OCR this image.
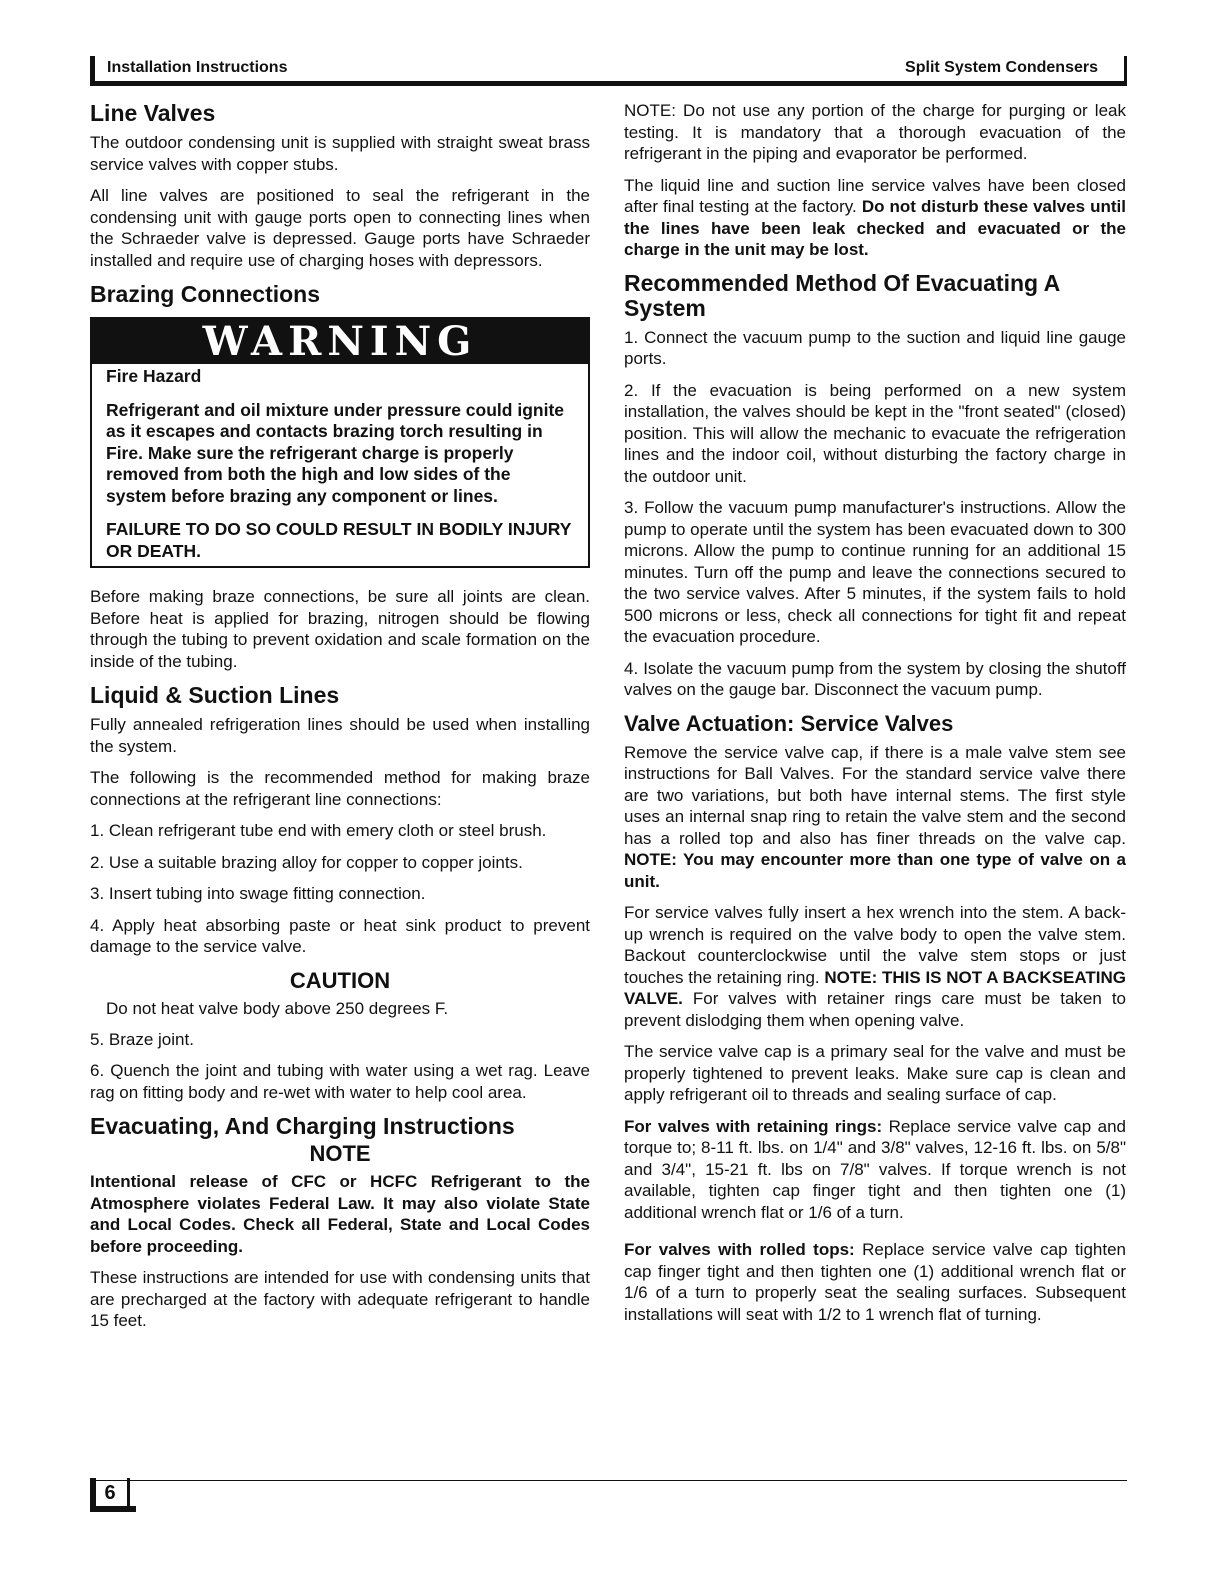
Installation Instructions	Split System Condensers
Line Valves

The outdoor condensing unit is supplied with straight sweat brass service valves with copper stubs.

All line valves are positioned to seal the refrigerant in the condensing unit with gauge ports open to connecting lines when the Schraeder valve is depressed. Gauge ports have Schraeder installed and require use of charging hoses with depressors.

Brazing Connections
WARNING

Fire Hazard

Refrigerant and oil mixture under pressure could ignite as it escapes and contacts brazing torch resulting in Fire. Make sure the refrigerant charge is properly removed from both the high and low sides of the system before brazing any component or lines.

FAILURE TO DO SO COULD RESULT IN BODILY INJURY OR DEATH.

Before making braze connections, be sure all joints are clean. Before heat is applied for brazing, nitrogen should be flowing through the tubing to prevent oxidation and scale formation on the inside of the tubing.

Liquid & Suction Lines

Fully annealed refrigeration lines should be used when installing the system.

The following is the recommended method for making braze connections at the refrigerant line connections:

1. Clean refrigerant tube end with emery cloth or steel brush.

2. Use a suitable brazing alloy for copper to copper joints.

3. Insert tubing into swage fitting connection.

4. Apply heat absorbing paste or heat sink product to prevent damage to the service valve.

CAUTION
Do not heat valve body above 250 degrees F.

5. Braze joint.

6. Quench the joint and tubing with water using a wet rag. Leave rag on fitting body and re-wet with water to help cool area.

Evacuating, And Charging Instructions
NOTE

Intentional release of CFC or HCFC Refrigerant to the Atmosphere violates Federal Law. It may also violate State and Local Codes. Check all Federal, State and Local Codes before proceeding.

These instructions are intended for use with condensing units that are precharged at the factory with adequate refrigerant to handle 15 feet.

NOTE: Do not use any portion of the charge for purging or leak testing. It is mandatory that a thorough evacuation of the refrigerant in the piping and evaporator be performed.

The liquid line and suction line service valves have been closed after final testing at the factory. Do not disturb these valves until the lines have been leak checked and evacuated or the charge in the unit may be lost.

Recommended Method Of Evacuating A System

1. Connect the vacuum pump to the suction and liquid line gauge ports.

2. If the evacuation is being performed on a new system installation, the valves should be kept in the "front seated" (closed) position. This will allow the mechanic to evacuate the refrigeration lines and the indoor coil, without disturbing the factory charge in the outdoor unit.

3. Follow the vacuum pump manufacturer's instructions. Allow the pump to operate until the system has been evacuated down to 300 microns. Allow the pump to continue running for an additional 15 minutes. Turn off the pump and leave the connections secured to the two service valves. After 5 minutes, if the system fails to hold 500 microns or less, check all connections for tight fit and repeat the evacuation procedure.

4. Isolate the vacuum pump from the system by closing the shutoff valves on the gauge bar. Disconnect the vacuum pump.

Valve Actuation: Service Valves

Remove the service valve cap, if there is a male valve stem see instructions for Ball Valves. For the standard service valve there are two variations, but both have internal stems. The first style uses an internal snap ring to retain the valve stem and the second has a rolled top and also has finer threads on the valve cap. NOTE: You may encounter more than one type of valve on a unit.

For service valves fully insert a hex wrench into the stem. A back-up wrench is required on the valve body to open the valve stem. Backout counterclockwise until the valve stem stops or just touches the retaining ring. NOTE: THIS IS NOT A BACKSEATING VALVE. For valves with retainer rings care must be taken to prevent dislodging them when opening valve.

The service valve cap is a primary seal for the valve and must be properly tightened to prevent leaks. Make sure cap is clean and apply refrigerant oil to threads and sealing surface of cap.

For valves with retaining rings: Replace service valve cap and torque to; 8-11 ft. lbs. on 1/4" and 3/8" valves, 12-16 ft. lbs. on 5/8" and 3/4", 15-21 ft. lbs on 7/8" valves. If torque wrench is not available, tighten cap finger tight and then tighten one (1) additional wrench flat or 1/6 of a turn.

For valves with rolled tops: Replace service valve cap tighten cap finger tight and then tighten one (1) additional wrench flat or 1/6 of a turn to properly seat the sealing surfaces. Subsequent installations will seat with 1/2 to 1 wrench flat of turning.

6
